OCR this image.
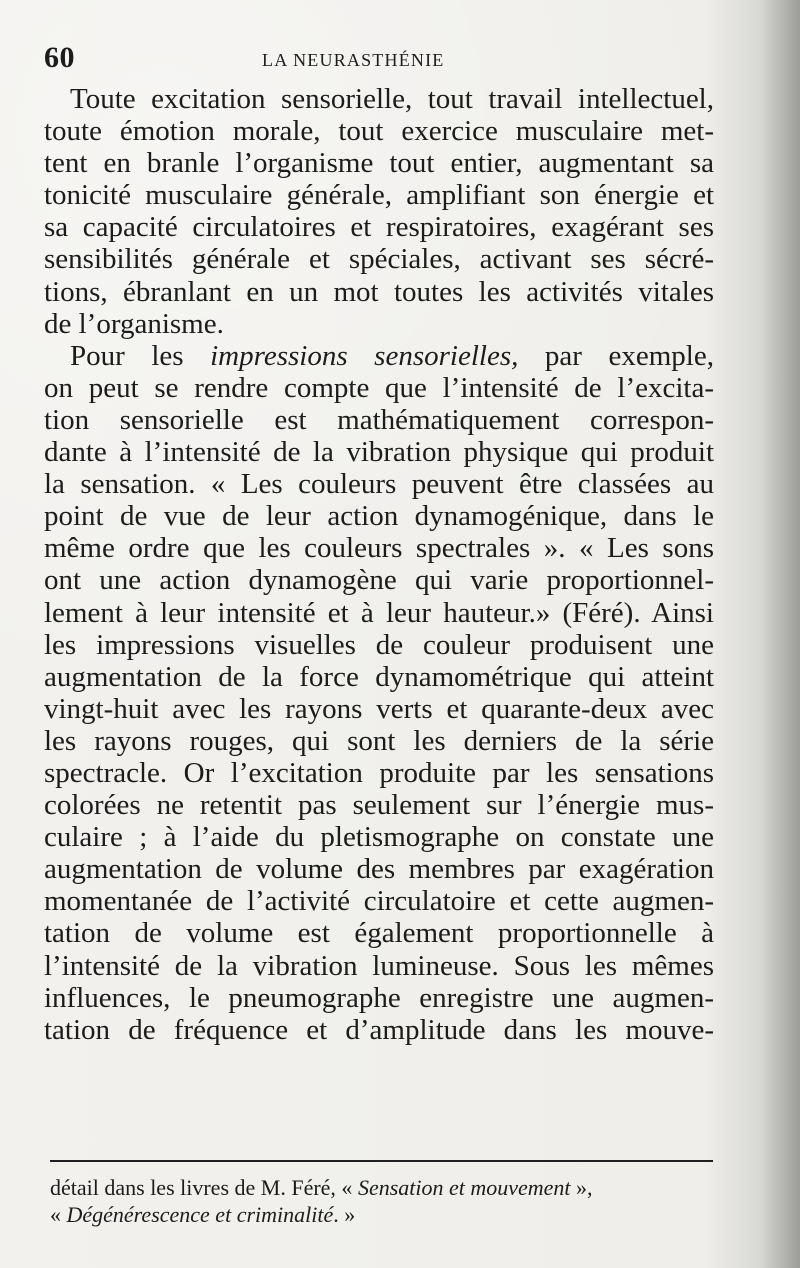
60	LA NEURASTHÉNIE
Toute excitation sensorielle, tout travail intellectuel,
toute émotion morale, tout exercice musculaire met-
tent en branle l’organisme tout entier, augmentant sa
tonicité musculaire générale, amplifiant son énergie et
sa capacité circulatoires et respiratoires, exagérant ses
sensibilités générale et spéciales, activant ses sécré-
tions, ébranlant en un mot toutes les activités vitales
de l’organisme.
Pour les impressions sensorielles, par exemple,
on peut se rendre compte que l’intensité de l’excita-
tion sensorielle est mathématiquement correspon-
dante à l’intensité de la vibration physique qui produit
la sensation. « Les couleurs peuvent être classées au
point de vue de leur action dynamogénique, dans le
même ordre que les couleurs spectrales ». « Les sons
ont une action dynamogène qui varie proportionnel-
lement à leur intensité et à leur hauteur.» (Féré). Ainsi
les impressions visuelles de couleur produisent une
augmentation de la force dynamométrique qui atteint
vingt-huit avec les rayons verts et quarante-deux avec
les rayons rouges, qui sont les derniers de la série
spectracle. Or l’excitation produite par les sensations
colorées ne retentit pas seulement sur l’énergie mus-
culaire ; à l’aide du pletismographe on constate une
augmentation de volume des membres par exagération
momentanée de l’activité circulatoire et cette augmen-
tation de volume est également proportionnelle à
l’intensité de la vibration lumineuse. Sous les mêmes
influences, le pneumographe enregistre une augmen-
tation de fréquence et d’amplitude dans les mouve-
détail dans les livres de M. Féré, « Sensation et mouvement »,
« Dégénérescence et criminalité. »
